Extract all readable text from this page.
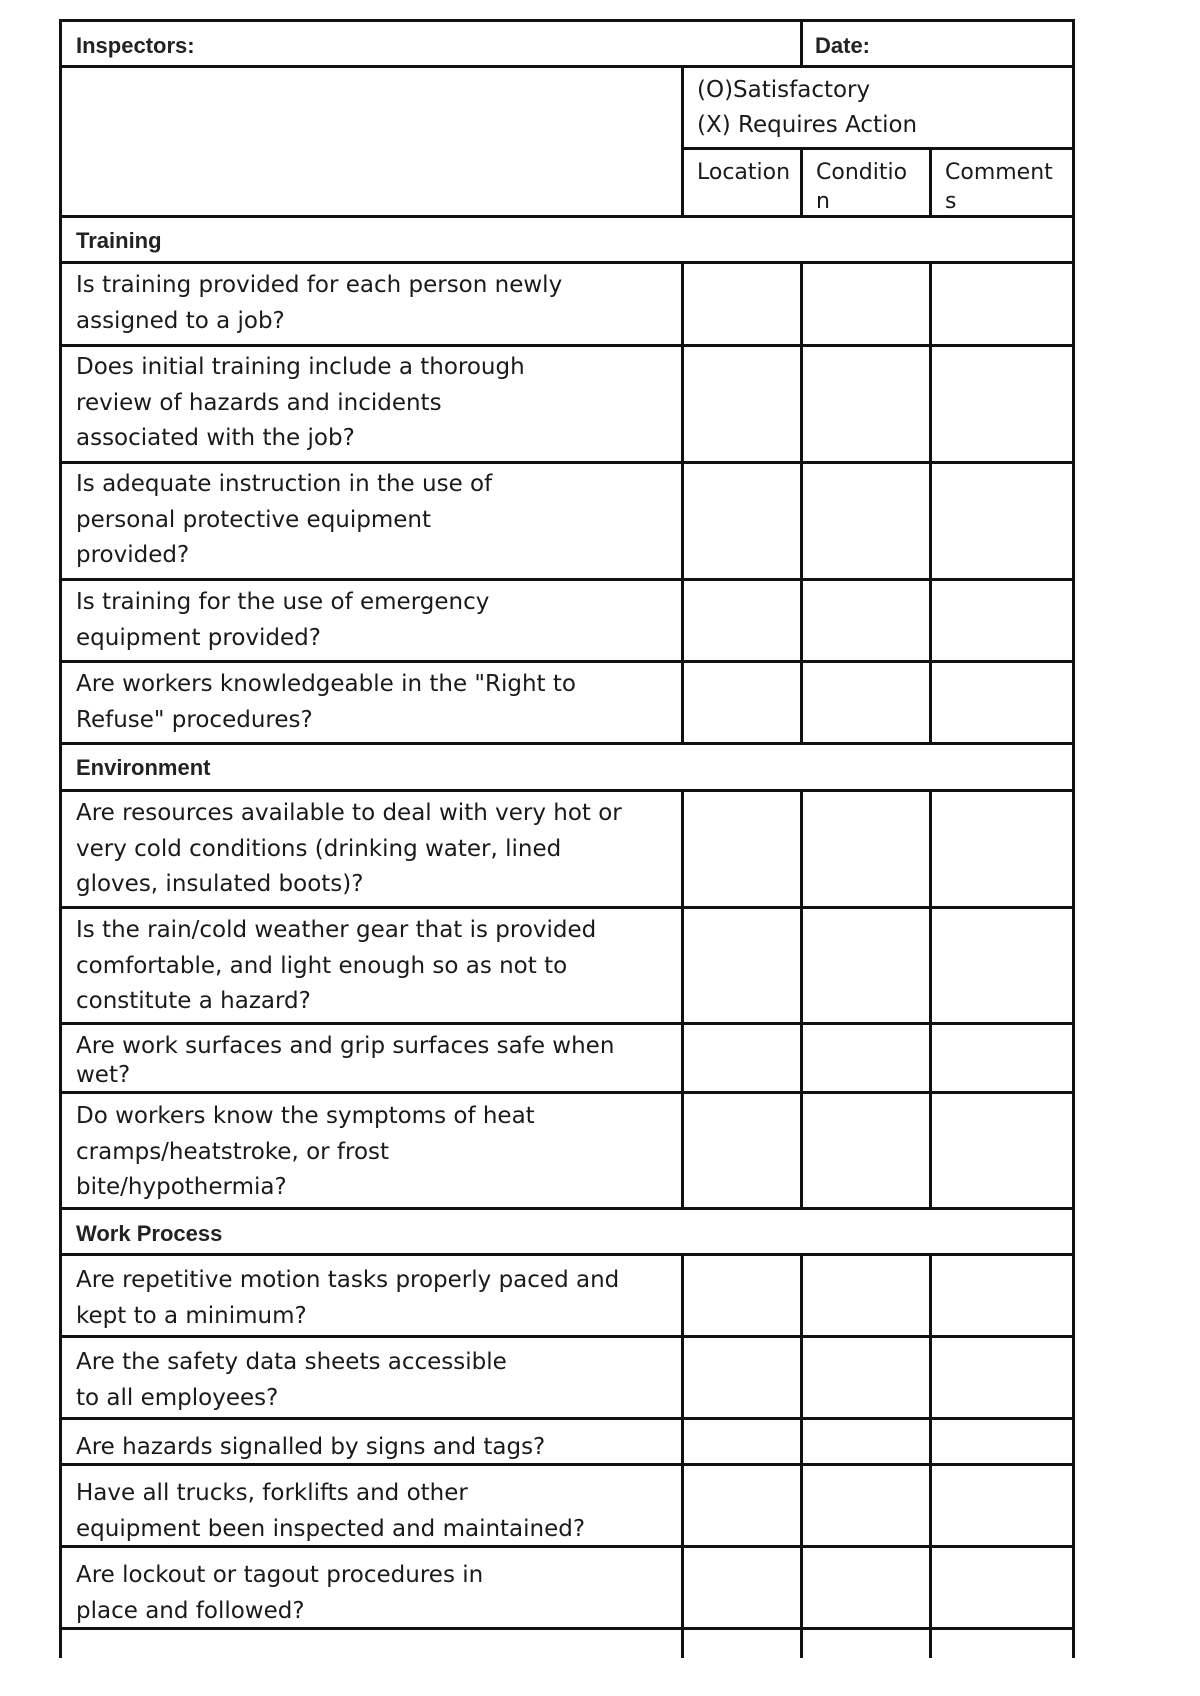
Inspectors:	Date:
(O)Satisfactory
(X) Requires Action
Location Conditio
n
Comment
s
Training
Is training provided for each person newly
assigned to a job?
Does initial training include a thorough
review of hazards and incidents
associated with the job?
Is adequate instruction in the use of
personal protective equipment
provided?
Is training for the use of emergency
equipment provided?
Are workers knowledgeable in the "Right to
Refuse" procedures?
Environment
Are resources available to deal with very hot or
very cold conditions (drinking water, lined
gloves, insulated boots)?
Is the rain/cold weather gear that is provided
comfortable, and light enough so as not to
constitute a hazard?
Are work surfaces and grip surfaces safe when
wet?
Do workers know the symptoms of heat
cramps/heatstroke, or frost
bite/hypothermia?
Work Process
Are repetitive motion tasks properly paced and
kept to a minimum?
Are the safety data sheets accessible
to all employees?
Are hazards signalled by signs and tags?
Have all trucks, forklifts and other
equipment been inspected and maintained?
Are lockout or tagout procedures in
place and followed?
